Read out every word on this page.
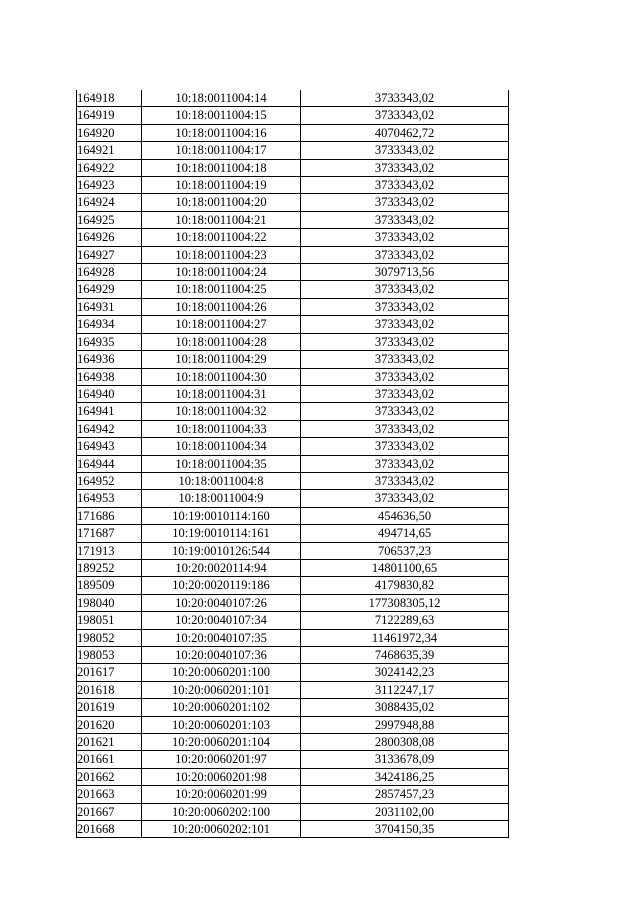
164918	10:18:0011004:14	3733343,02
164919	10:18:0011004:15	3733343,02
164920	10:18:0011004:16	4070462,72
164921	10:18:0011004:17	3733343,02
164922	10:18:0011004:18	3733343,02
164923	10:18:0011004:19	3733343,02
164924	10:18:0011004:20	3733343,02
164925	10:18:0011004:21	3733343,02
164926	10:18:0011004:22	3733343,02
164927	10:18:0011004:23	3733343,02
164928	10:18:0011004:24	3079713,56
164929	10:18:0011004:25	3733343,02
164931	10:18:0011004:26	3733343,02
164934	10:18:0011004:27	3733343,02
164935	10:18:0011004:28	3733343,02
164936	10:18:0011004:29	3733343,02
164938	10:18:0011004:30	3733343,02
164940	10:18:0011004:31	3733343,02
164941	10:18:0011004:32	3733343,02
164942	10:18:0011004:33	3733343,02
164943	10:18:0011004:34	3733343,02
164944	10:18:0011004:35	3733343,02
164952	10:18:0011004:8	3733343,02
164953	10:18:0011004:9	3733343,02
171686	10:19:0010114:160	454636,50
171687	10:19:0010114:161	494714,65
171913	10:19:0010126:544	706537,23
189252	10:20:0020114:94	14801100,65
189509	10:20:0020119:186	4179830,82
198040	10:20:0040107:26	177308305,12
198051	10:20:0040107:34	7122289,63
198052	10:20:0040107:35	11461972,34
198053	10:20:0040107:36	7468635,39
201617	10:20:0060201:100	3024142,23
201618	10:20:0060201:101	3112247,17
201619	10:20:0060201:102	3088435,02
201620	10:20:0060201:103	2997948,88
201621	10:20:0060201:104	2800308,08
201661	10:20:0060201:97	3133678,09
201662	10:20:0060201:98	3424186,25
201663	10:20:0060201:99	2857457,23
201667	10:20:0060202:100	2031102,00
201668	10:20:0060202:101	3704150,35
